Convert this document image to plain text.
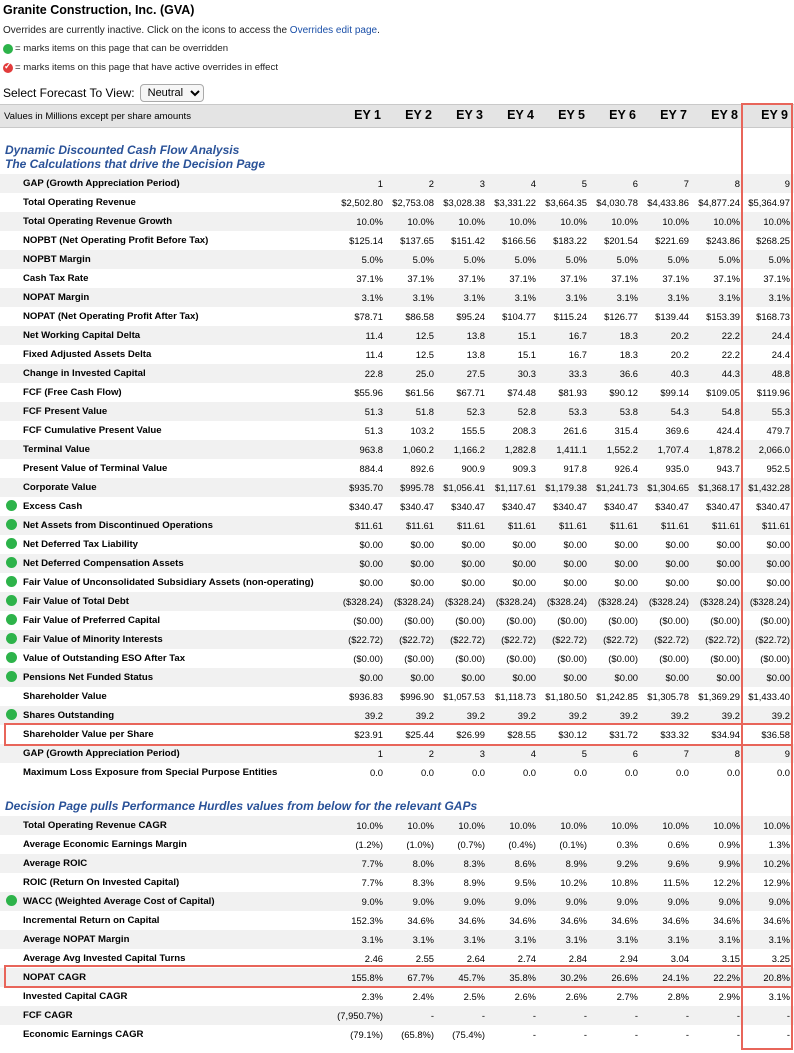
Granite Construction, Inc. (GVA)
Overrides are currently inactive. Click on the icons to access the Overrides edit page.
= marks items on this page that can be overridden
✓
= marks items on this page that have active overrides in effect
Select Forecast To View:
Neutral
Values in Millions except per share amounts	EY 1	EY 2	EY 3	EY 4	EY 5	EY 6	EY 7	EY 8	EY 9
Dynamic Discounted Cash Flow Analysis
The Calculations that drive the Decision Page
GAP (Growth Appreciation Period)	1	2	3	4	5	6	7	8	9
Total Operating Revenue	$2,502.80 $2,753.08 $3,028.38 $3,331.22 $3,664.35 $4,030.78 $4,433.86 $4,877.24 $5,364.97
Total Operating Revenue Growth	10.0%	10.0%	10.0%	10.0%	10.0%	10.0%	10.0%	10.0%	10.0%
NOPBT (Net Operating Profit Before Tax)	$125.14	$137.65	$151.42	$166.56	$183.22	$201.54	$221.69	$243.86	$268.25
NOPBT Margin	5.0%	5.0%	5.0%	5.0%	5.0%	5.0%	5.0%	5.0%	5.0%
Cash Tax Rate	37.1%	37.1%	37.1%	37.1%	37.1%	37.1%	37.1%	37.1%	37.1%
NOPAT Margin	3.1%	3.1%	3.1%	3.1%	3.1%	3.1%	3.1%	3.1%	3.1%
NOPAT (Net Operating Profit After Tax)	$78.71	$86.58	$95.24	$104.77	$115.24	$126.77	$139.44	$153.39	$168.73
Net Working Capital Delta	11.4	12.5	13.8	15.1	16.7	18.3	20.2	22.2	24.4
Fixed Adjusted Assets Delta	11.4	12.5	13.8	15.1	16.7	18.3	20.2	22.2	24.4
Change in Invested Capital	22.8	25.0	27.5	30.3	33.3	36.6	40.3	44.3	48.8
FCF (Free Cash Flow)	$55.96	$61.56	$67.71	$74.48	$81.93	$90.12	$99.14	$109.05	$119.96
FCF Present Value	51.3	51.8	52.3	52.8	53.3	53.8	54.3	54.8	55.3
FCF Cumulative Present Value	51.3	103.2	155.5	208.3	261.6	315.4	369.6	424.4	479.7
Terminal Value	963.8	1,060.2	1,166.2	1,282.8	1,411.1	1,552.2	1,707.4	1,878.2	2,066.0
Present Value of Terminal Value	884.4	892.6	900.9	909.3	917.8	926.4	935.0	943.7	952.5
Corporate Value	$935.70	$995.78 $1,056.41	$1,117.61 $1,179.38 $1,241.73 $1,304.65 $1,368.17 $1,432.28
Excess Cash	$340.47	$340.47	$340.47	$340.47	$340.47	$340.47	$340.47	$340.47	$340.47
Net Assets from Discontinued Operations	$11.61	$11.61	$11.61	$11.61	$11.61	$11.61	$11.61	$11.61	$11.61
Net Deferred Tax Liability	$0.00	$0.00	$0.00	$0.00	$0.00	$0.00	$0.00	$0.00	$0.00
Net Deferred Compensation Assets	$0.00	$0.00	$0.00	$0.00	$0.00	$0.00	$0.00	$0.00	$0.00
Fair Value of Unconsolidated Subsidiary Assets (non-operating)	$0.00	$0.00	$0.00	$0.00	$0.00	$0.00	$0.00	$0.00	$0.00
Fair Value of Total Debt	($328.24)	($328.24)	($328.24)	($328.24)	($328.24)	($328.24)	($328.24)	($328.24)	($328.24)
Fair Value of Preferred Capital	($0.00)	($0.00)	($0.00)	($0.00)	($0.00)	($0.00)	($0.00)	($0.00)	($0.00)
Fair Value of Minority Interests	($22.72)	($22.72)	($22.72)	($22.72)	($22.72)	($22.72)	($22.72)	($22.72)	($22.72)
Value of Outstanding ESO After Tax	($0.00)	($0.00)	($0.00)	($0.00)	($0.00)	($0.00)	($0.00)	($0.00)	($0.00)
Pensions Net Funded Status	$0.00	$0.00	$0.00	$0.00	$0.00	$0.00	$0.00	$0.00	$0.00
Shareholder Value	$936.83	$996.90 $1,057.53	$1,118.73 $1,180.50 $1,242.85 $1,305.78 $1,369.29 $1,433.40
Shares Outstanding	39.2	39.2	39.2	39.2	39.2	39.2	39.2	39.2	39.2
Shareholder Value per Share	$23.91	$25.44	$26.99	$28.55	$30.12	$31.72	$33.32	$34.94	$36.58
GAP (Growth Appreciation Period)	1	2	3	4	5	6	7	8	9
Maximum Loss Exposure from Special Purpose Entities	0.0	0.0	0.0	0.0	0.0	0.0	0.0	0.0	0.0
Decision Page pulls Performance Hurdles values from below for the relevant GAPs
Total Operating Revenue CAGR	10.0%	10.0%	10.0%	10.0%	10.0%	10.0%	10.0%	10.0%	10.0%
Average Economic Earnings Margin	(1.2%)	(1.0%)	(0.7%)	(0.4%)	(0.1%)	0.3%	0.6%	0.9%	1.3%
Average ROIC	7.7%	8.0%	8.3%	8.6%	8.9%	9.2%	9.6%	9.9%	10.2%
ROIC (Return On Invested Capital)	7.7%	8.3%	8.9%	9.5%	10.2%	10.8%	11.5%	12.2%	12.9%
WACC (Weighted Average Cost of Capital)	9.0%	9.0%	9.0%	9.0%	9.0%	9.0%	9.0%	9.0%	9.0%
Incremental Return on Capital	152.3%	34.6%	34.6%	34.6%	34.6%	34.6%	34.6%	34.6%	34.6%
Average NOPAT Margin	3.1%	3.1%	3.1%	3.1%	3.1%	3.1%	3.1%	3.1%	3.1%
Average Avg Invested Capital Turns	2.46	2.55	2.64	2.74	2.84	2.94	3.04	3.15	3.25
NOPAT CAGR	155.8%	67.7%	45.7%	35.8%	30.2%	26.6%	24.1%	22.2%	20.8%
Invested Capital CAGR	2.3%	2.4%	2.5%	2.6%	2.6%	2.7%	2.8%	2.9%	3.1%
FCF CAGR	(7,950.7%)	-	-	-	-	-	-	-	-
Economic Earnings CAGR	(79.1%)	(65.8%)	(75.4%)	-	-	-	-	-	-
